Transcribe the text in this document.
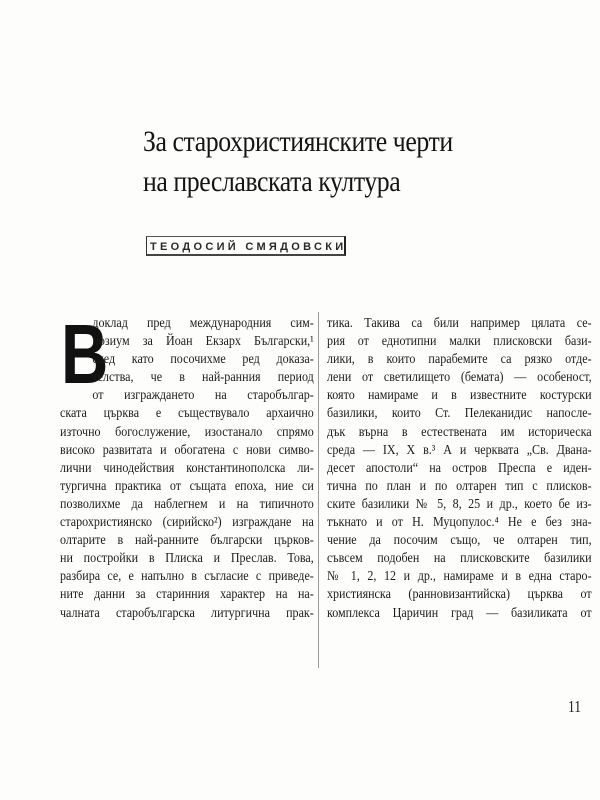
За старохристиянските черти
на преславската култура
ТЕОДОСИЙ СМЯДОВСКИ
В
доклад пред международния сим-
позиум за Йоан Екзарх Български,¹
след като посочихме ред доказа-
телства, че в най-ранния период
от изграждането на старобългар-
ската църква е съществувало архаично
източно богослужение, изостанало спрямо
високо развитата и обогатена с нови симво-
лични чинодействия константинополска ли-
тургична практика от същата епоха, ние си
позволихме да наблегнем и на типичното
старохристиянско (сирийско²) изграждане на
олтарите в най-ранните български църков-
ни постройки в Плиска и Преслав. Това,
разбира се, е напълно в съгласие с приведе-
ните данни за старинния характер на на-
чалната старобългарска литургична прак-
тика. Такива са били например цялата се-
рия от еднотипни малки плисковски бази-
лики, в които парабемите са рязко отде-
лени от светилището (бемата) — особеност,
която намираме и в известните костурски
базилики, които Ст. Пелеканидис напосле-
дък върна в естествената им историческа
среда — IX, X в.³ А и черквата „Св. Двана-
десет апостоли“ на остров Преспа е иден-
тична по план и по олтарен тип с плисков-
ските базилики № 5, 8, 25 и др., което бе из-
тъкнато и от Н. Муцопулос.⁴ Не е без зна-
чение да посочим също, че олтарен тип,
съвсем подобен на плисковските базилики
№ 1, 2, 12 и др., намираме и в една старо-
християнска (ранновизантийска) църква от
комплекса Царичин град — базиликата от
11
